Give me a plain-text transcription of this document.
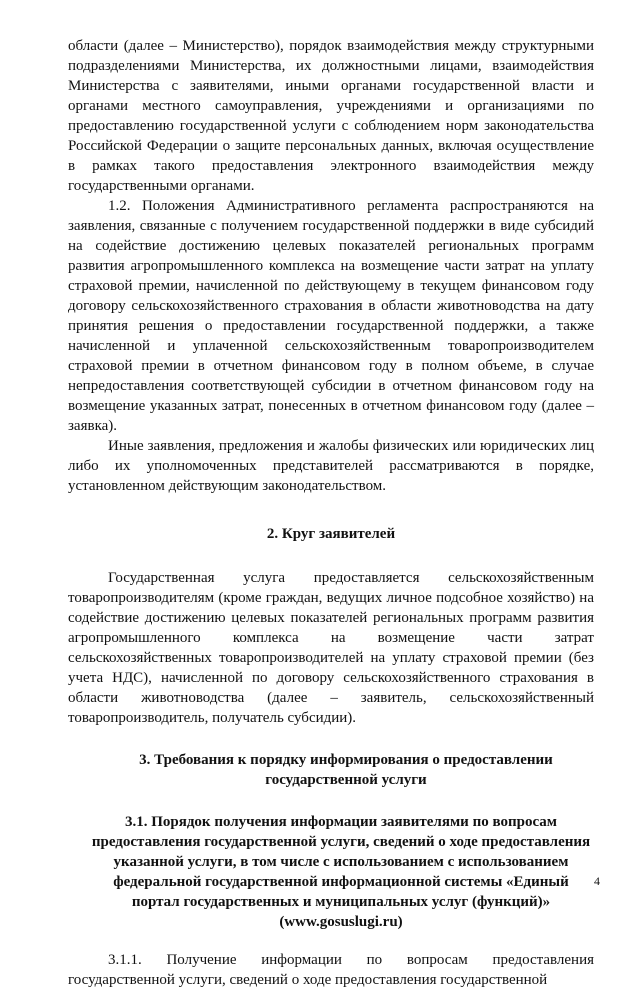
области (далее – Министерство), порядок взаимодействия между структурными подразделениями Министерства, их должностными лицами, взаимодействия Министерства с заявителями, иными органами государственной власти и органами местного самоуправления, учреждениями и организациями по предоставлению государственной услуги с соблюдением норм законодательства Российской Федерации о защите персональных данных, включая осуществление в рамках такого предоставления электронного взаимодействия между государственными органами.

1.2. Положения Административного регламента распространяются на заявления, связанные с получением государственной поддержки в виде субсидий на содействие достижению целевых показателей региональных программ развития агропромышленного комплекса на возмещение части затрат на уплату страховой премии, начисленной по действующему в текущем финансовом году договору сельскохозяйственного страхования в области животноводства на дату принятия решения о предоставлении государственной поддержки, а также начисленной и уплаченной сельскохозяйственным товаропроизводителем страховой премии в отчетном финансовом году в полном объеме, в случае непредоставления соответствующей субсидии в отчетном финансовом году на возмещение указанных затрат, понесенных в отчетном финансовом году (далее – заявка).

Иные заявления, предложения и жалобы физических или юридических лиц либо их уполномоченных представителей рассматриваются в порядке, установленном действующим законодательством.

2. Круг заявителей

Государственная услуга предоставляется сельскохозяйственным товаропроизводителям (кроме граждан, ведущих личное подсобное хозяйство) на содействие достижению целевых показателей региональных программ развития агропромышленного комплекса на возмещение части затрат сельскохозяйственных товаропроизводителей на уплату страховой премии (без учета НДС), начисленной по договору сельскохозяйственного страхования в области животноводства (далее – заявитель, сельскохозяйственный товаропроизводитель, получатель субсидии).

3. Требования к порядку информирования о предоставлении государственной услуги
3.1. Порядок получения информации заявителями по вопросам предоставления государственной услуги, сведений о ходе предоставления указанной услуги, в том числе с использованием с использованием федеральной государственной информационной системы «Единый портал государственных и муниципальных услуг (функций)» (www.gosuslugi.ru)

3.1.1. Получение информации по вопросам предоставления государственной услуги, сведений о ходе предоставления государственной

4
